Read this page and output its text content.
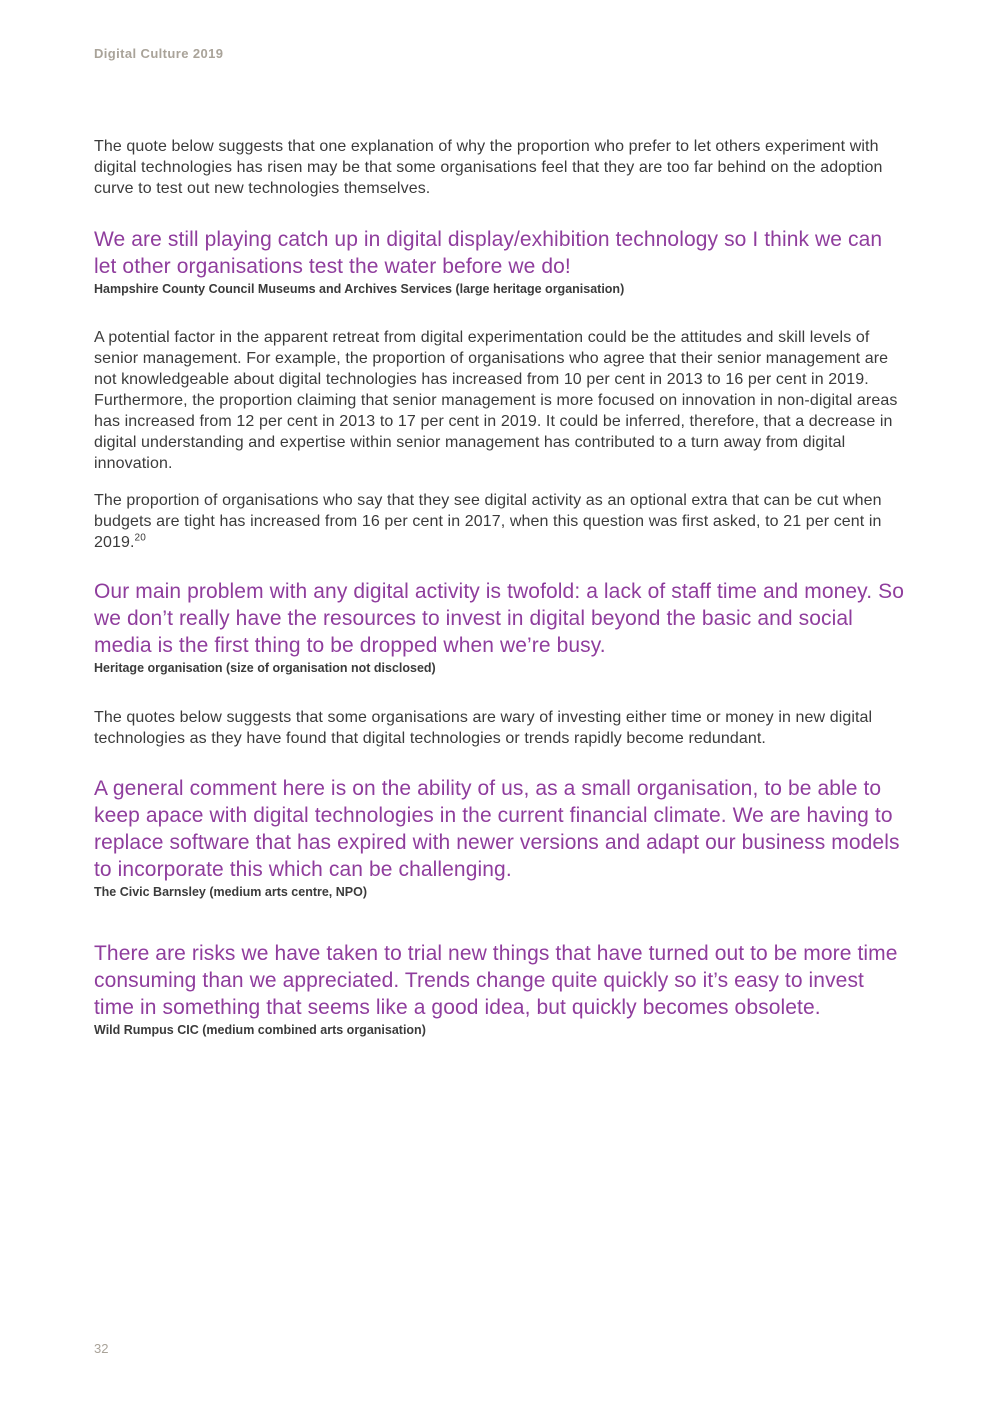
Digital Culture 2019

The quote below suggests that one explanation of why the proportion who prefer to let others experiment with digital technologies has risen may be that some organisations feel that they are too far behind on the adoption curve to test out new technologies themselves.

We are still playing catch up in digital display/exhibition technology so I think we can let other organisations test the water before we do!

Hampshire County Council Museums and Archives Services (large heritage organisation)

A potential factor in the apparent retreat from digital experimentation could be the attitudes and skill levels of senior management. For example, the proportion of organisations who agree that their senior management are not knowledgeable about digital technologies has increased from 10 per cent in 2013 to 16 per cent in 2019. Furthermore, the proportion claiming that senior management is more focused on innovation in non-digital areas has increased from 12 per cent in 2013 to 17 per cent in 2019. It could be inferred, therefore, that a decrease in digital understanding and expertise within senior management has contributed to a turn away from digital innovation.

The proportion of organisations who say that they see digital activity as an optional extra that can be cut when budgets are tight has increased from 16 per cent in 2017, when this question was first asked, to 21 per cent in 2019.20

Our main problem with any digital activity is twofold: a lack of staff time and money. So we don’t really have the resources to invest in digital beyond the basic and social media is the first thing to be dropped when we’re busy.

Heritage organisation (size of organisation not disclosed)

The quotes below suggests that some organisations are wary of investing either time or money in new digital technologies as they have found that digital technologies or trends rapidly become redundant.

A general comment here is on the ability of us, as a small organisation, to be able to keep apace with digital technologies in the current financial climate. We are having to replace software that has expired with newer versions and adapt our business models to incorporate this which can be challenging.

The Civic Barnsley (medium arts centre, NPO)

There are risks we have taken to trial new things that have turned out to be more time consuming than we appreciated. Trends change quite quickly so it’s easy to invest time in something that seems like a good idea, but quickly becomes obsolete.

Wild Rumpus CIC (medium combined arts organisation)

32
